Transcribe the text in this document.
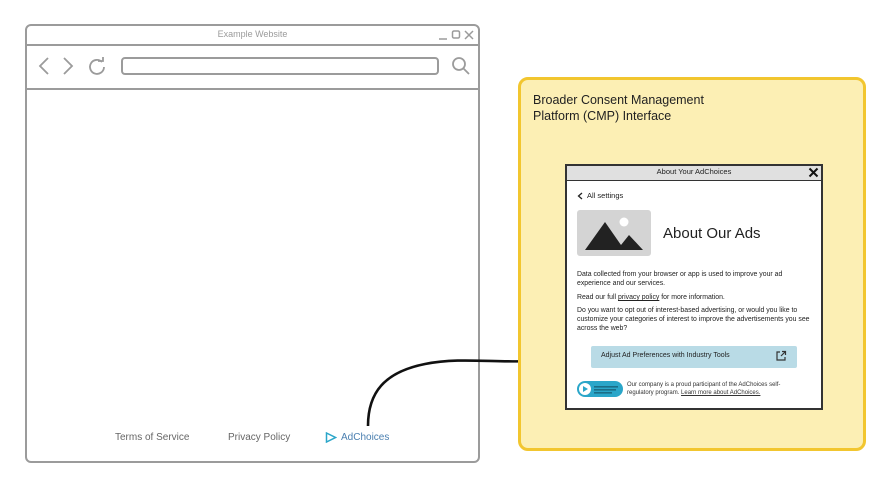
Example Website
Terms of Service	Privacy Policy	AdChoices
Broader Consent Management
Platform (CMP) Interface
About Your AdChoices
All settings
About Our Ads
Data collected from your browser or app is used to improve your ad experience and our services.
Read our full privacy policy for more information.
Do you want to opt out of interest-based advertising, or would you like to customize your categories of interest to improve the advertisements you see across the web?
Adjust Ad Preferences with Industry Tools
Our company is a proud participant of the AdChoices self-regulatory program. Learn more about AdChoices.
